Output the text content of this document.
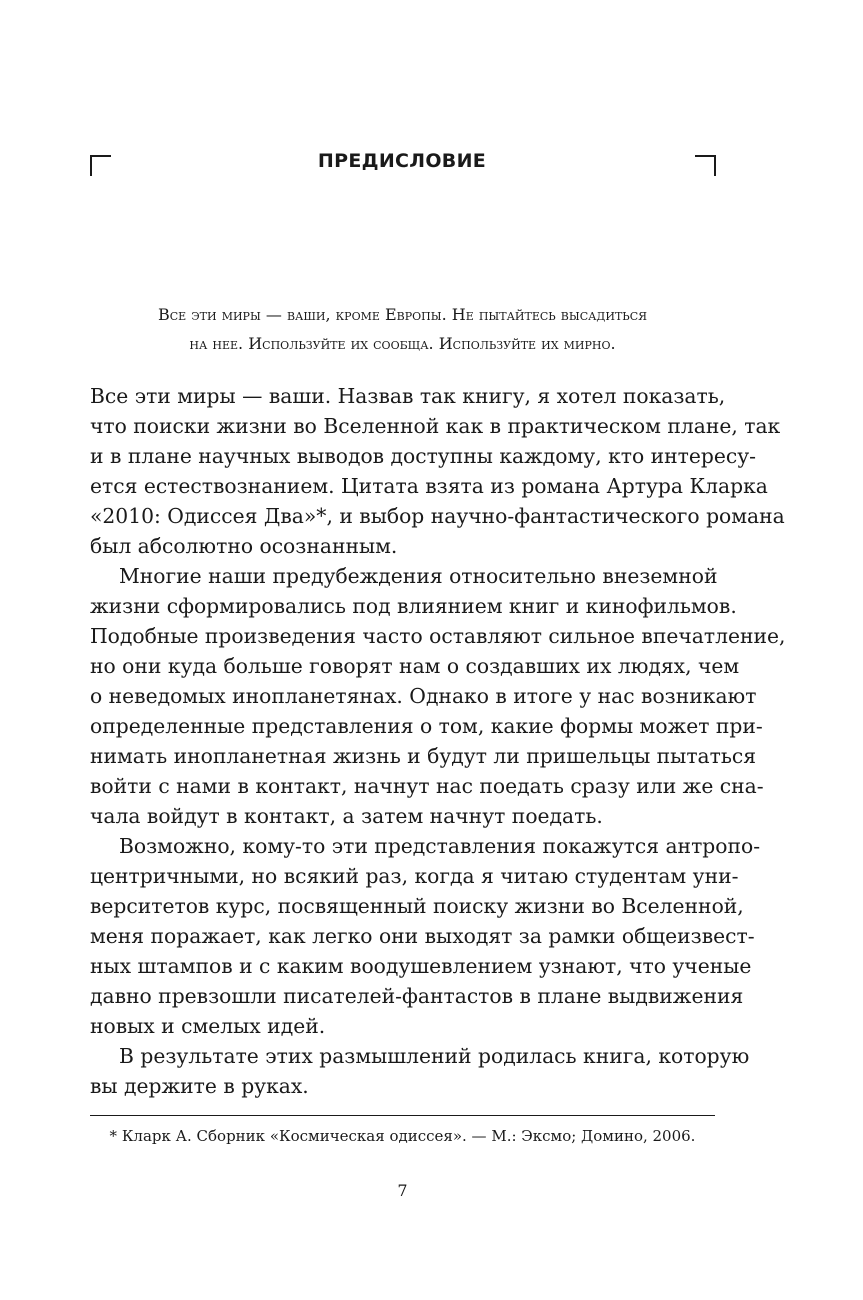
ПРЕДИСЛОВИЕ
Все эти миры — ваши, кроме Европы. Не пытайтесь высадиться
на нее. Используйте их сообща. Используйте их мирно.

Все эти миры — ваши. Назвав так книгу, я хотел показать,
что поиски жизни во Вселенной как в практическом плане, так
и в плане научных выводов доступны каждому, кто интересу-
ется естествознанием. Цитата взята из романа Артура Кларка
«2010: Одиссея Два»*, и выбор научно-фантастического романа
был абсолютно осознанным.

Многие наши предубеждения относительно внеземной
жизни сформировались под влиянием книг и кинофильмов.
Подобные произведения часто оставляют сильное впечатление,
но они куда больше говорят нам о создавших их людях, чем
о неведомых инопланетянах. Однако в итоге у нас возникают
определенные представления о том, какие формы может при-
нимать инопланетная жизнь и будут ли пришельцы пытаться
войти с нами в контакт, начнут нас поедать сразу или же сна-
чала войдут в контакт, а затем начнут поедать.

Возможно, кому-то эти представления покажутся антропо-
центричными, но всякий раз, когда я читаю студентам уни-
верситетов курс, посвященный поиску жизни во Вселенной,
меня поражает, как легко они выходят за рамки общеизвест-
ных штампов и с каким воодушевлением узнают, что ученые
давно превзошли писателей-фантастов в плане выдвижения
новых и смелых идей.

В результате этих размышлений родилась книга, которую
вы держите в руках.

* Кларк А. Сборник «Космическая одиссея». — М.: Эксмо; Домино, 2006.
7
